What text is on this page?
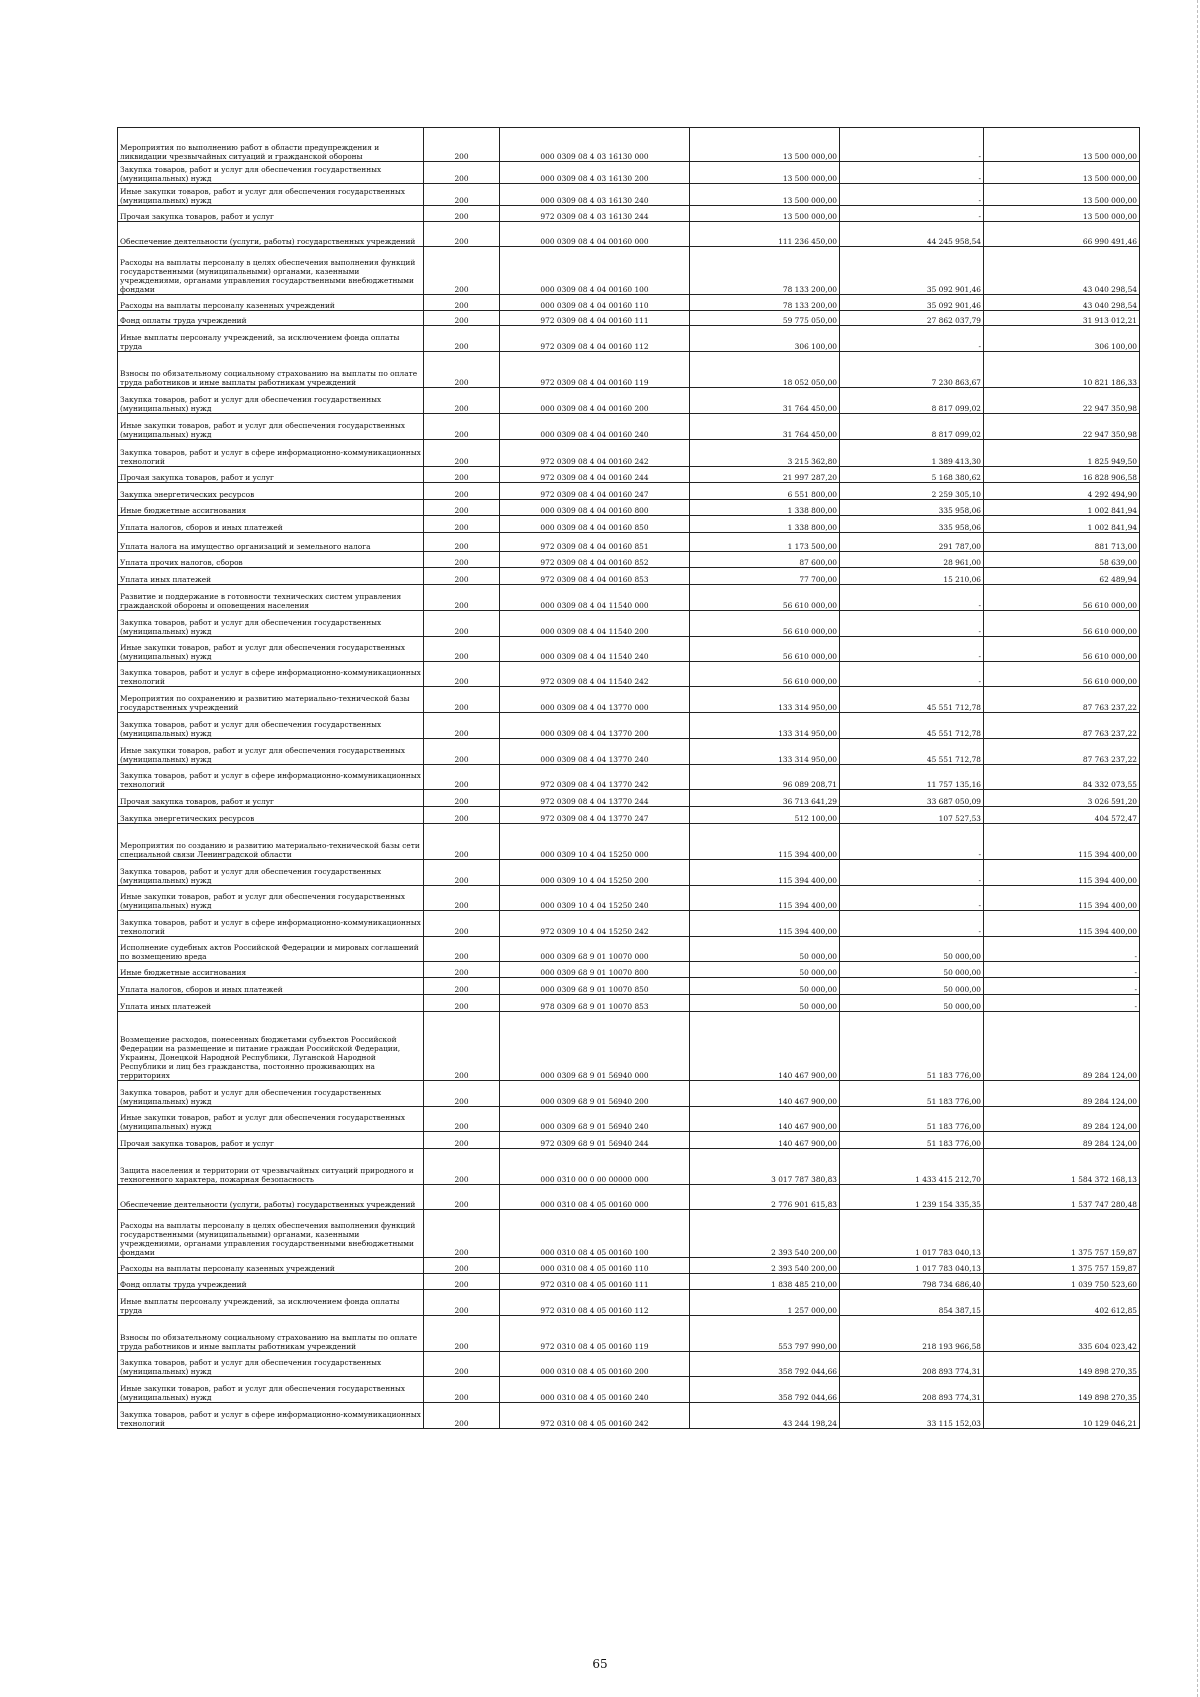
Мероприятия по выполнению работ в области предупреждения и ликвидации чрезвычайных ситуаций и гражданской обороны	200	000 0309 08 4 03 16130 000	13 500 000,00	-	13 500 000,00
Закупка товаров, работ и услуг для обеспечения государственных (муниципальных) нужд	200	000 0309 08 4 03 16130 200	13 500 000,00	-	13 500 000,00
Иные закупки товаров, работ и услуг для обеспечения государственных (муниципальных) нужд	200	000 0309 08 4 03 16130 240	13 500 000,00	-	13 500 000,00
Прочая закупка товаров, работ и услуг	200	972 0309 08 4 03 16130 244	13 500 000,00	-	13 500 000,00
Обеспечение деятельности (услуги, работы) государственных учреждений	200	000 0309 08 4 04 00160 000	111 236 450,00	44 245 958,54	66 990 491,46
Расходы на выплаты персоналу в целях обеспечения выполнения функций государственными (муниципальными) органами, казенными учреждениями, органами управления государственными внебюджетными фондами	200	000 0309 08 4 04 00160 100	78 133 200,00	35 092 901,46	43 040 298,54
Расходы на выплаты персоналу казенных учреждений	200	000 0309 08 4 04 00160 110	78 133 200,00	35 092 901,46	43 040 298,54
Фонд оплаты труда учреждений	200	972 0309 08 4 04 00160 111	59 775 050,00	27 862 037,79	31 913 012,21
Иные выплаты персоналу учреждений, за исключением фонда оплаты труда	200	972 0309 08 4 04 00160 112	306 100,00	-	306 100,00
Взносы по обязательному социальному страхованию на выплаты по оплате труда работников и иные выплаты работникам учреждений	200	972 0309 08 4 04 00160 119	18 052 050,00	7 230 863,67	10 821 186,33
Закупка товаров, работ и услуг для обеспечения государственных (муниципальных) нужд	200	000 0309 08 4 04 00160 200	31 764 450,00	8 817 099,02	22 947 350,98
Иные закупки товаров, работ и услуг для обеспечения государственных (муниципальных) нужд	200	000 0309 08 4 04 00160 240	31 764 450,00	8 817 099,02	22 947 350,98
Закупка товаров, работ и услуг в сфере информационно-коммуникационных технологий	200	972 0309 08 4 04 00160 242	3 215 362,80	1 389 413,30	1 825 949,50
Прочая закупка товаров, работ и услуг	200	972 0309 08 4 04 00160 244	21 997 287,20	5 168 380,62	16 828 906,58
Закупка энергетических ресурсов	200	972 0309 08 4 04 00160 247	6 551 800,00	2 259 305,10	4 292 494,90
Иные бюджетные ассигнования	200	000 0309 08 4 04 00160 800	1 338 800,00	335 958,06	1 002 841,94
Уплата налогов, сборов и иных платежей	200	000 0309 08 4 04 00160 850	1 338 800,00	335 958,06	1 002 841,94
Уплата налога на имущество организаций и земельного налога	200	972 0309 08 4 04 00160 851	1 173 500,00	291 787,00	881 713,00
Уплата прочих налогов, сборов	200	972 0309 08 4 04 00160 852	87 600,00	28 961,00	58 639,00
Уплата иных платежей	200	972 0309 08 4 04 00160 853	77 700,00	15 210,06	62 489,94
Развитие и поддержание в готовности технических систем управления гражданской обороны и оповещения населения	200	000 0309 08 4 04 11540 000	56 610 000,00	-	56 610 000,00
Закупка товаров, работ и услуг для обеспечения государственных (муниципальных) нужд	200	000 0309 08 4 04 11540 200	56 610 000,00	-	56 610 000,00
Иные закупки товаров, работ и услуг для обеспечения государственных (муниципальных) нужд	200	000 0309 08 4 04 11540 240	56 610 000,00	-	56 610 000,00
Закупка товаров, работ и услуг в сфере информационно-коммуникационных технологий	200	972 0309 08 4 04 11540 242	56 610 000,00	-	56 610 000,00
Мероприятия по сохранению и развитию материально-технической базы государственных учреждений	200	000 0309 08 4 04 13770 000	133 314 950,00	45 551 712,78	87 763 237,22
Закупка товаров, работ и услуг для обеспечения государственных (муниципальных) нужд	200	000 0309 08 4 04 13770 200	133 314 950,00	45 551 712,78	87 763 237,22
Иные закупки товаров, работ и услуг для обеспечения государственных (муниципальных) нужд	200	000 0309 08 4 04 13770 240	133 314 950,00	45 551 712,78	87 763 237,22
Закупка товаров, работ и услуг в сфере информационно-коммуникационных технологий	200	972 0309 08 4 04 13770 242	96 089 208,71	11 757 135,16	84 332 073,55
Прочая закупка товаров, работ и услуг	200	972 0309 08 4 04 13770 244	36 713 641,29	33 687 050,09	3 026 591,20
Закупка энергетических ресурсов	200	972 0309 08 4 04 13770 247	512 100,00	107 527,53	404 572,47
Мероприятия по созданию и развитию материально-технической базы сети специальной связи Ленинградской области	200	000 0309 10 4 04 15250 000	115 394 400,00	-	115 394 400,00
Закупка товаров, работ и услуг для обеспечения государственных (муниципальных) нужд	200	000 0309 10 4 04 15250 200	115 394 400,00	-	115 394 400,00
Иные закупки товаров, работ и услуг для обеспечения государственных (муниципальных) нужд	200	000 0309 10 4 04 15250 240	115 394 400,00	-	115 394 400,00
Закупка товаров, работ и услуг в сфере информационно-коммуникационных технологий	200	972 0309 10 4 04 15250 242	115 394 400,00	-	115 394 400,00
Исполнение судебных актов Российской Федерации и мировых соглашений по возмещению вреда	200	000 0309 68 9 01 10070 000	50 000,00	50 000,00	-
Иные бюджетные ассигнования	200	000 0309 68 9 01 10070 800	50 000,00	50 000,00	-
Уплата налогов, сборов и иных платежей	200	000 0309 68 9 01 10070 850	50 000,00	50 000,00	-
Уплата иных платежей	200	978 0309 68 9 01 10070 853	50 000,00	50 000,00	-
Возмещение расходов, понесенных бюджетами субъектов Российской Федерации на размещение и питание граждан Российской Федерации, Украины, Донецкой Народной Республики, Луганской Народной Республики и лиц без гражданства, постоянно проживающих на территориях	200	000 0309 68 9 01 56940 000	140 467 900,00	51 183 776,00	89 284 124,00
Закупка товаров, работ и услуг для обеспечения государственных (муниципальных) нужд	200	000 0309 68 9 01 56940 200	140 467 900,00	51 183 776,00	89 284 124,00
Иные закупки товаров, работ и услуг для обеспечения государственных (муниципальных) нужд	200	000 0309 68 9 01 56940 240	140 467 900,00	51 183 776,00	89 284 124,00
Прочая закупка товаров, работ и услуг	200	972 0309 68 9 01 56940 244	140 467 900,00	51 183 776,00	89 284 124,00
Защита населения и территории от чрезвычайных ситуаций природного и техногенного характера, пожарная безопасность	200	000 0310 00 0 00 00000 000	3 017 787 380,83	1 433 415 212,70	1 584 372 168,13
Обеспечение деятельности (услуги, работы) государственных учреждений	200	000 0310 08 4 05 00160 000	2 776 901 615,83	1 239 154 335,35	1 537 747 280,48
Расходы на выплаты персоналу в целях обеспечения выполнения функций государственными (муниципальными) органами, казенными учреждениями, органами управления государственными внебюджетными фондами	200	000 0310 08 4 05 00160 100	2 393 540 200,00	1 017 783 040,13	1 375 757 159,87
Расходы на выплаты персоналу казенных учреждений	200	000 0310 08 4 05 00160 110	2 393 540 200,00	1 017 783 040,13	1 375 757 159,87
Фонд оплаты труда учреждений	200	972 0310 08 4 05 00160 111	1 838 485 210,00	798 734 686,40	1 039 750 523,60
Иные выплаты персоналу учреждений, за исключением фонда оплаты труда	200	972 0310 08 4 05 00160 112	1 257 000,00	854 387,15	402 612,85
Взносы по обязательному социальному страхованию на выплаты по оплате труда работников и иные выплаты работникам учреждений	200	972 0310 08 4 05 00160 119	553 797 990,00	218 193 966,58	335 604 023,42
Закупка товаров, работ и услуг для обеспечения государственных (муниципальных) нужд	200	000 0310 08 4 05 00160 200	358 792 044,66	208 893 774,31	149 898 270,35
Иные закупки товаров, работ и услуг для обеспечения государственных (муниципальных) нужд	200	000 0310 08 4 05 00160 240	358 792 044,66	208 893 774,31	149 898 270,35
Закупка товаров, работ и услуг в сфере информационно-коммуникационных технологий	200	972 0310 08 4 05 00160 242	43 244 198,24	33 115 152,03	10 129 046,21
65
